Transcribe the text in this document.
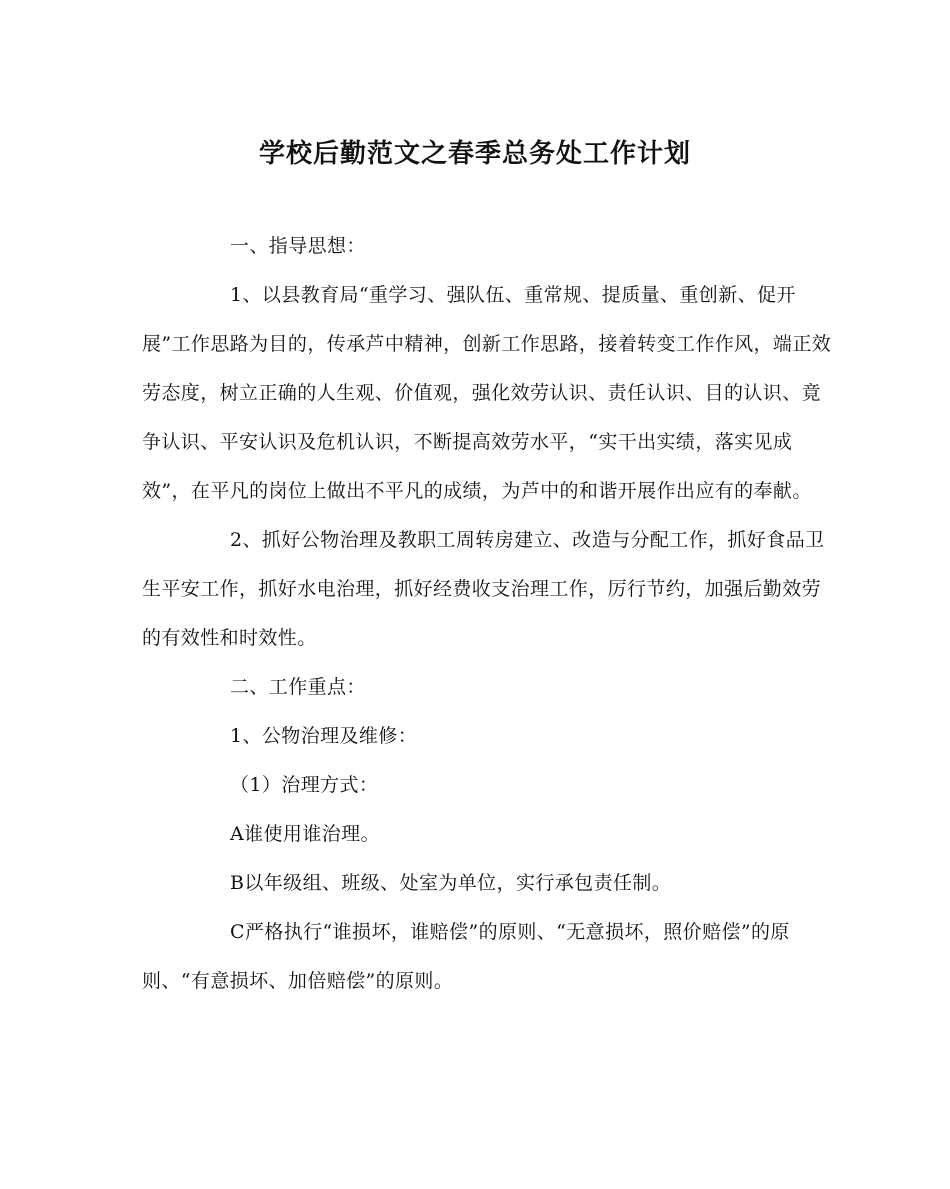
学校后勤范文之春季总务处工作计划

一、指导思想：

1、以县教育局“重学习、强队伍、重常规、提质量、重创新、促开展”工作思路为目的，传承芦中精神，创新工作思路，接着转变工作作风，端正效劳态度，树立正确的人生观、价值观，强化效劳认识、责任认识、目的认识、竟争认识、平安认识及危机认识，不断提高效劳水平，“实干出实绩，落实见成效”，在平凡的岗位上做出不平凡的成绩，为芦中的和谐开展作出应有的奉献。

2、抓好公物治理及教职工周转房建立、改造与分配工作，抓好食品卫生平安工作，抓好水电治理，抓好经费收支治理工作，厉行节约，加强后勤效劳的有效性和时效性。

二、工作重点：

1、公物治理及维修：

（1）治理方式：

A谁使用谁治理。

B以年级组、班级、处室为单位，实行承包责任制。

C严格执行“谁损坏，谁赔偿”的原则、“无意损坏，照价赔偿”的原则、“有意损坏、加倍赔偿”的原则。
